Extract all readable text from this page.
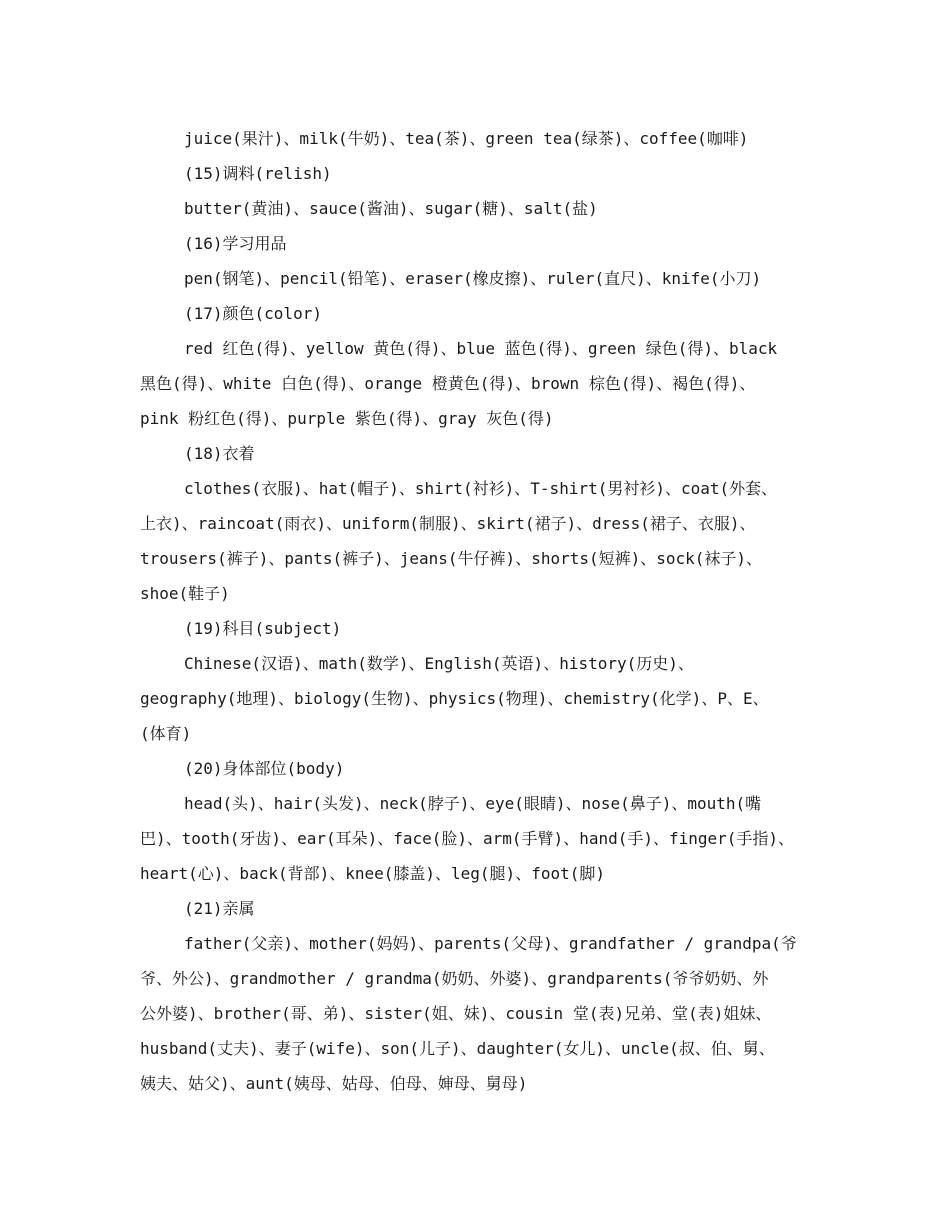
juice(果汁)、milk(牛奶)、tea(茶)、green tea(绿茶)、coffee(咖啡)
(15)调料(relish)
butter(黄油)、sauce(酱油)、sugar(糖)、salt(盐)
(16)学习用品
pen(钢笔)、pencil(铅笔)、eraser(橡皮擦)、ruler(直尺)、knife(小刀)
(17)颜色(color)
red 红色(得)、yellow 黄色(得)、blue 蓝色(得)、green 绿色(得)、black
黑色(得)、white 白色(得)、orange 橙黄色(得)、brown 棕色(得)、褐色(得)、
pink 粉红色(得)、purple 紫色(得)、gray 灰色(得)
(18)衣着
clothes(衣服)、hat(帽子)、shirt(衬衫)、T-shirt(男衬衫)、coat(外套、
上衣)、raincoat(雨衣)、uniform(制服)、skirt(裙子)、dress(裙子、衣服)、
trousers(裤子)、pants(裤子)、jeans(牛仔裤)、shorts(短裤)、sock(袜子)、
shoe(鞋子)
(19)科目(subject)
Chinese(汉语)、math(数学)、English(英语)、history(历史)、
geography(地理)、biology(生物)、physics(物理)、chemistry(化学)、P、E、
(体育)
(20)身体部位(body)
head(头)、hair(头发)、neck(脖子)、eye(眼睛)、nose(鼻子)、mouth(嘴
巴)、tooth(牙齿)、ear(耳朵)、face(脸)、arm(手臂)、hand(手)、finger(手指)、
heart(心)、back(背部)、knee(膝盖)、leg(腿)、foot(脚)
(21)亲属
father(父亲)、mother(妈妈)、parents(父母)、grandfather / grandpa(爷
爷、外公)、grandmother / grandma(奶奶、外婆)、grandparents(爷爷奶奶、外
公外婆)、brother(哥、弟)、sister(姐、妹)、cousin 堂(表)兄弟、堂(表)姐妹、
husband(丈夫)、妻子(wife)、son(儿子)、daughter(女儿)、uncle(叔、伯、舅、
姨夫、姑父)、aunt(姨母、姑母、伯母、婶母、舅母)
